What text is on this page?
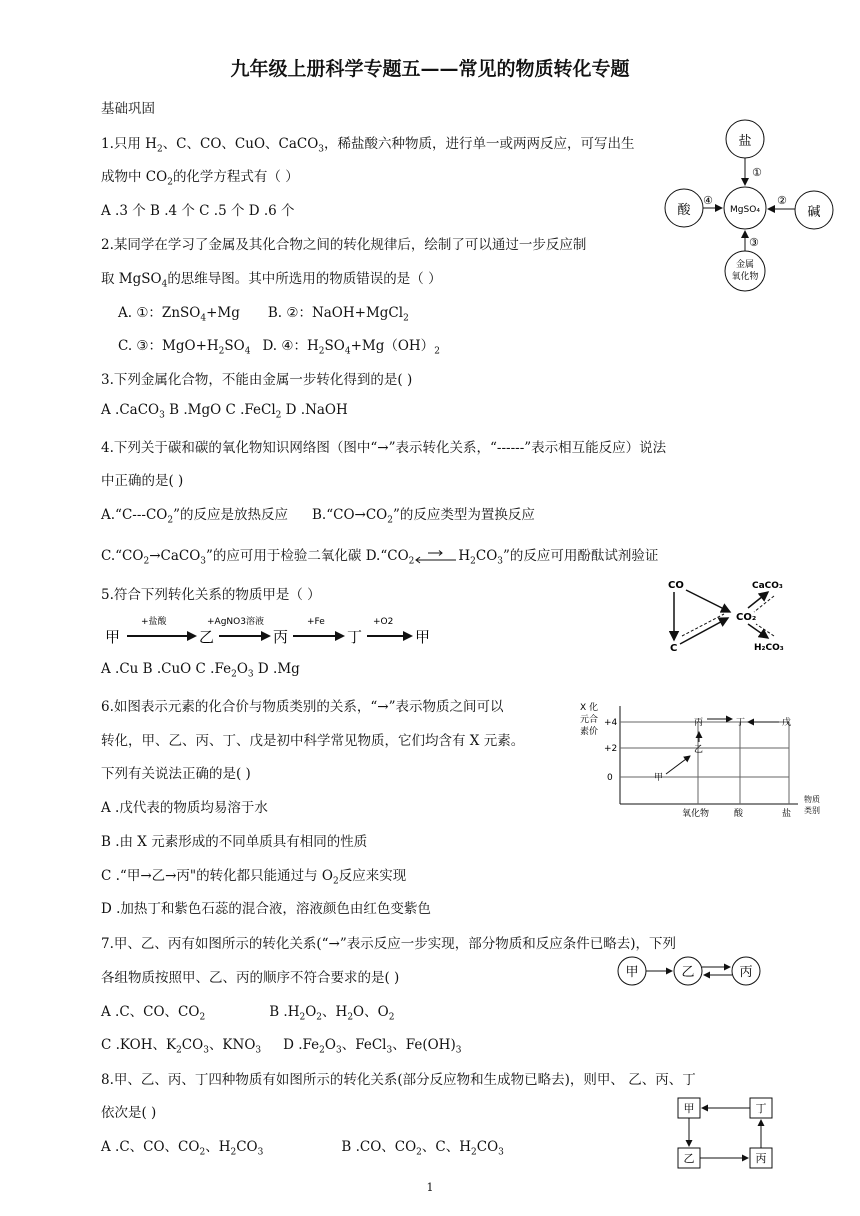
九年级上册科学专题五——常见的物质转化专题
基础巩固
1.只用 $H_2$、C、CO、CuO、CaCO$_3$，稀盐酸六种物质，进行单一或两两反应，可写出生
成物中 $CO_2$的化学方程式有（ ）
A .3 个 B .4 个 C .5 个 D .6 个
2.某同学在学习了金属及其化合物之间的转化规律后，绘制了可以通过一步反应制
取 MgSO$_4$的思维导图。其中所选用的物质错误的是（ ）
A. ①：ZnSO$_4$+Mg B. ②：NaOH+MgCl$_2$
C. ③：$MgO+H_2SO_4$ D. ④：$H_2SO_4+Mg(OH)_2$
3.下列金属化合物，不能由金属一步转化得到的是( )
A .CaCO$_3$ B .MgO C .FeCl$_2$ D .NaOH
4.下列关于碳和碳的氧化物知识网络图（图中“→”表示转化关系，“------”表示相互能反应）说法
中正确的是( )
$A.“C---CO_2$”的反应是放热反应 $B.“CO\to CO_2$”的反应类型为置换反应
$C.“CO_2\to CaCO_3$”的应可用于检验二氧化碳 $D.“CO_2$	$H_2CO_3$”的反应可用酚酞试剂验证
5.符合下列转化关系的物质甲是（ ）
甲
+盐酸
乙
+AgNO3溶液
丙
+Fe
丁
+O2
甲
A .Cu B .CuO C $.Fe_2O_3$ D .Mg
6.如图表示元素的化合价与物质类别的关系，“→”表示物质之间可以
转化，甲、乙、丙、丁、戊是初中科学常见物质，它们均含有 X 元素。
下列有关说法正确的是( )
A .戊代表的物质均易溶于水
B .由 X 元素形成的不同单质具有相同的性质
C .“甲→乙→丙"的转化都只能通过与 $O_2$反应来实现
D .加热丁和紫色石蕊的混合液，溶液颜色由红色变紫色
7.甲、乙、丙有如图所示的转化关系(“→”表示反应一步实现，部分物质和反应条件已略去)，下列
各组物质按照甲、乙、丙的顺序不符合要求的是( )
A .C、CO、$CO_2$	B $.H_2O_2$、$H_2O$、$O_2$
C .KOH、$K_2CO_3$、$KNO_3$ D $.Fe_2O_3$、FeCl$_3$、$Fe(OH)_3$
8.甲、乙、丙、丁四种物质有如图所示的转化关系(部分反应物和生成物已略去)，则甲、 乙、丙、丁
依次是( )
A .C、CO、$CO_2$、$H_2CO_3$	B .CO、$CO_2$、C、$H_2CO_3$
盐
MgSO₄
酸	碱
金属
氧化物
①
④	②
③
CO
C
CO₂
CaCO₃
H₂CO₃
X 化
元合
素价
+4
+2
0
氧化物	酸	盐
物质
类别
甲
乙
丙	丁	戊
甲	乙	丙
甲	丁
乙	丙
1
